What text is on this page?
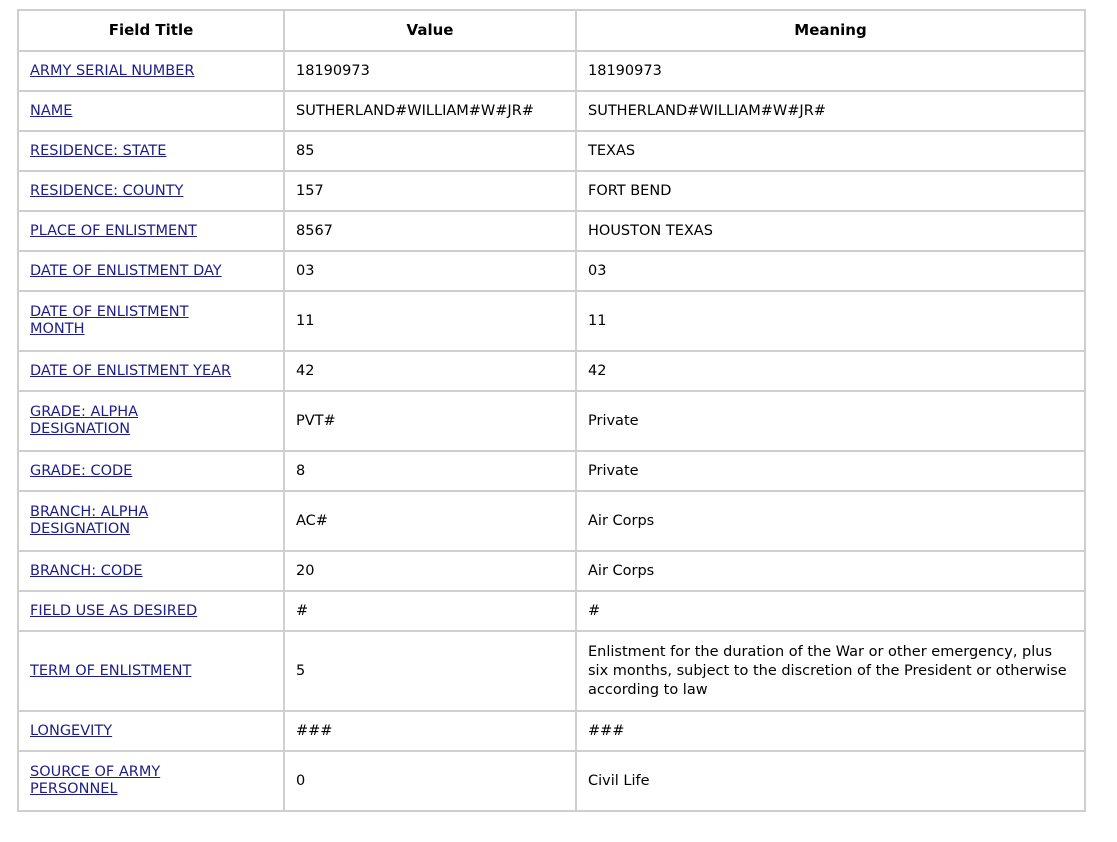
Field Title	Value	Meaning
ARMY SERIAL NUMBER	18190973	18190973
NAME	SUTHERLAND#WILLIAM#W#JR#	SUTHERLAND#WILLIAM#W#JR#
RESIDENCE: STATE	85	TEXAS
RESIDENCE: COUNTY	157	FORT BEND
PLACE OF ENLISTMENT	8567	HOUSTON TEXAS
DATE OF ENLISTMENT DAY	03	03
DATE OF ENLISTMENT MONTH	11	11
DATE OF ENLISTMENT YEAR	42	42
GRADE: ALPHA DESIGNATION	PVT#	Private
GRADE: CODE	8	Private
BRANCH: ALPHA DESIGNATION	AC#	Air Corps
BRANCH: CODE	20	Air Corps
FIELD USE AS DESIRED	#	#
TERM OF ENLISTMENT	5	Enlistment for the duration of the War or other emergency, plus six months, subject to the discretion of the President or otherwise according to law
LONGEVITY	###	###
SOURCE OF ARMY PERSONNEL	0	Civil Life
